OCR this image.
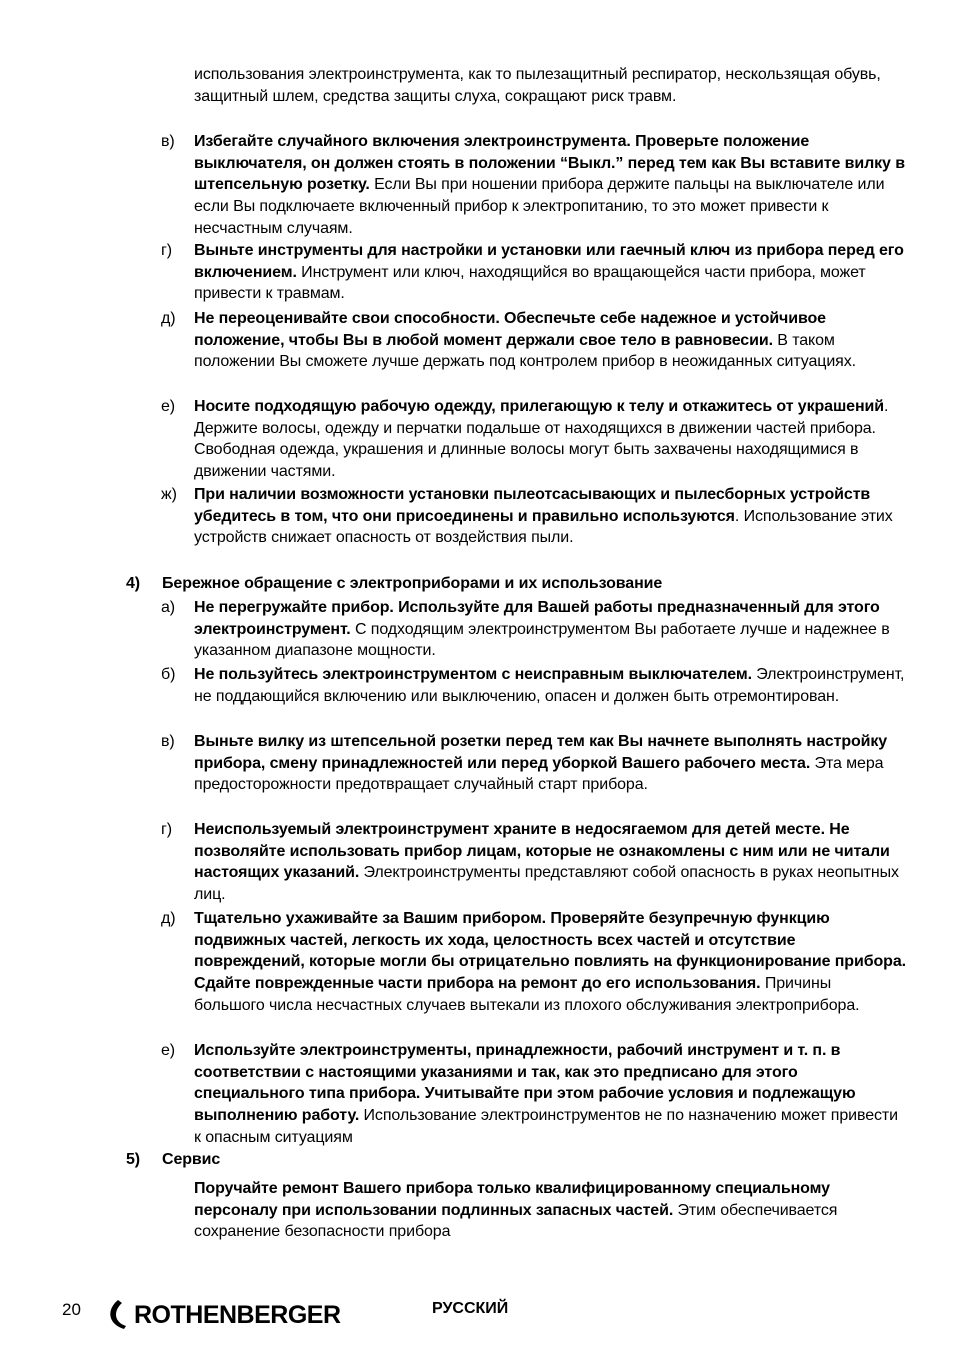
использования электроинструмента, как то пылезащитный респиратор, нескользящая обувь, защитный шлем, средства защиты слуха, сокращают риск травм.

в)	Избегайте случайного включения электроинструмента. Проверьте положение выключателя, он должен стоять в положении “Выкл.” перед тем как Вы вставите вилку в штепсельную розетку. Если Вы при ношении прибора держите пальцы на выключателе или если Вы подключаете включенный прибор к электропитанию, то это может привести к несчастным случаям.
г)	Выньте инструменты для настройки и установки или гаечный ключ из прибора перед его включением. Инструмент или ключ, находящийся во вращающейся части прибора, может привести к травмам.
д)	Не переоценивайте свои способности. Обеспечьте себе надежное и устойчивое положение, чтобы Вы в любой момент держали свое тело в равновесии. В таком положении Вы сможете лучше держать под контролем прибор в неожиданных ситуациях.
е)	Носите подходящую рабочую одежду, прилегающую к телу и откажитесь от украшений. Держите волосы, одежду и перчатки подальше от находящихся в движении частей прибора. Свободная одежда, украшения и длинные волосы могут быть захвачены находящимися в движении частями.
ж)	При наличии возможности установки пылеотсасывающих и пылесборных устройств убедитесь в том, что они присоединены и правильно используются. Использование этих устройств снижает опасность от воздействия пыли.
4) Бережное обращение с электроприборами и их использование
а)	Не перегружайте прибор. Используйте для Вашей работы предназначенный для этого электроинструмент. С подходящим электроинструментом Вы работаете лучше и надежнее в указанном диапазоне мощности.
б)	Не пользуйтесь электроинструментом с неисправным выключателем. Электроинструмент, не поддающийся включению или выключению, опасен и должен быть отремонтирован.
в)	Выньте вилку из штепсельной розетки перед тем как Вы начнете выполнять настройку прибора, смену принадлежностей или перед уборкой Вашего рабочего места. Эта мера предосторожности предотвращает случайный старт прибора.
г)	Неиспользуемый электроинструмент храните в недосягаемом для детей месте. Не позволяйте использовать прибор лицам, которые не ознакомлены с ним или не читали настоящих указаний. Электроинструменты представляют собой опасность в руках неопытных лиц.
д)	Тщательно ухаживайте за Вашим прибором. Проверяйте безупречную функцию подвижных частей, легкость их хода, целостность всех частей и отсутствие повреждений, которые могли бы отрицательно повлиять на функционирование прибора. Сдайте поврежденные части прибора на ремонт до его использования. Причины большого числа несчастных случаев вытекали из плохого обслуживания электроприбора.
е)	Используйте электроинструменты, принадлежности, рабочий инструмент и т. п. в соответствии с настоящими указаниями и так, как это предписано для этого специального типа прибора. Учитывайте при этом рабочие условия и подлежащую выполнению работу. Использование электроинструментов не по назначению может привести к опасным ситуациям
5) Сервис

Поручайте ремонт Вашего прибора только квалифицированному специальному персоналу при использовании подлинных запасных частей. Этим обеспечивается сохранение безопасности прибора

20 ROTHENBERGER	РУССКИЙ
